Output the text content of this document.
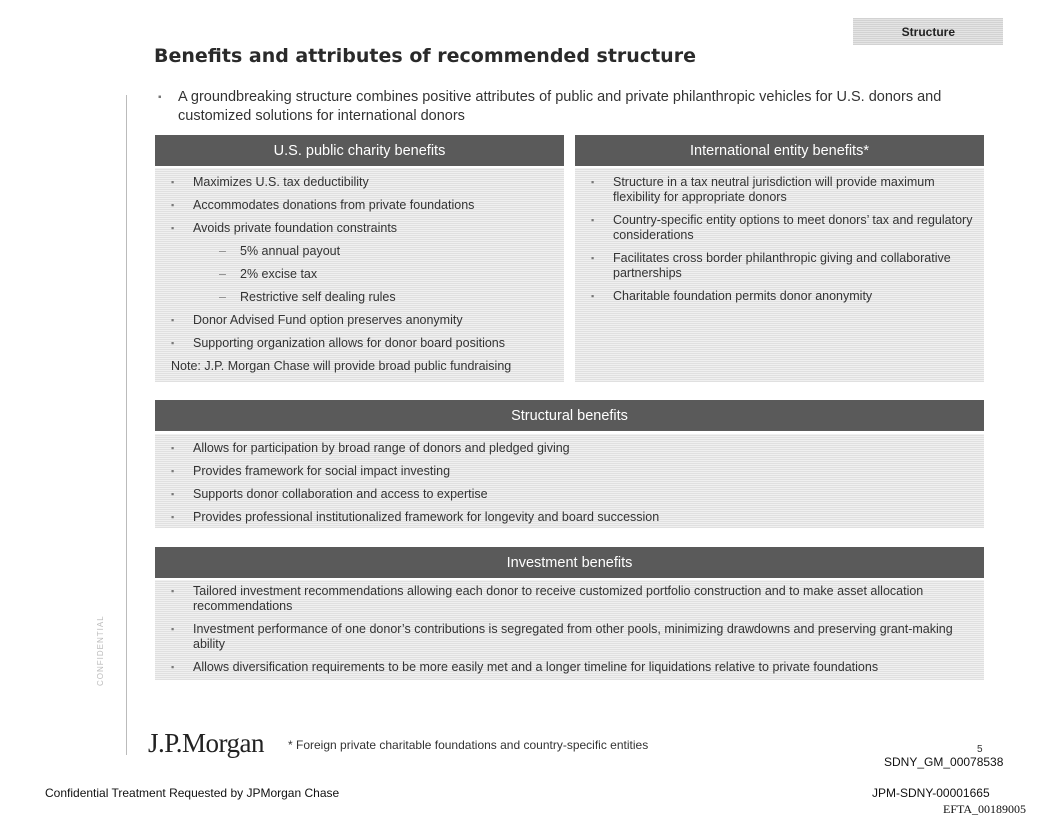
Structure
Benefits and attributes of recommended structure
CONFIDENTIAL
▪ A groundbreaking structure combines positive attributes of public and private philanthropic vehicles for U.S. donors and customized solutions for international donors
U.S. public charity benefits
▪ Maximizes U.S. tax deductibility
▪ Accommodates donations from private foundations
▪ Avoids private foundation constraints
– 5% annual payout
– 2% excise tax
– Restrictive self dealing rules
▪ Donor Advised Fund option preserves anonymity
▪ Supporting organization allows for donor board positions
Note: J.P. Morgan Chase will provide broad public fundraising
International entity benefits*
▪ Structure in a tax neutral jurisdiction will provide maximum flexibility for appropriate donors
▪ Country-specific entity options to meet donors’ tax and regulatory considerations
▪ Facilitates cross border philanthropic giving and collaborative partnerships
▪ Charitable foundation permits donor anonymity
Structural benefits
▪ Allows for participation by broad range of donors and pledged giving
▪ Provides framework for social impact investing
▪ Supports donor collaboration and access to expertise
▪ Provides professional institutionalized framework for longevity and board succession
Investment benefits
▪ Tailored investment recommendations allowing each donor to receive customized portfolio construction and to make asset allocation recommendations
▪ Investment performance of one donor’s contributions is segregated from other pools, minimizing drawdowns and preserving grant-making ability
▪ Allows diversification requirements to be more easily met and a longer timeline for liquidations relative to private foundations
J.P.Morgan * Foreign private charitable foundations and country-specific entities	5
SDNY_GM_00078538
Confidential Treatment Requested by JPMorgan Chase	JPM-SDNY-00001665
EFTA_00189005
